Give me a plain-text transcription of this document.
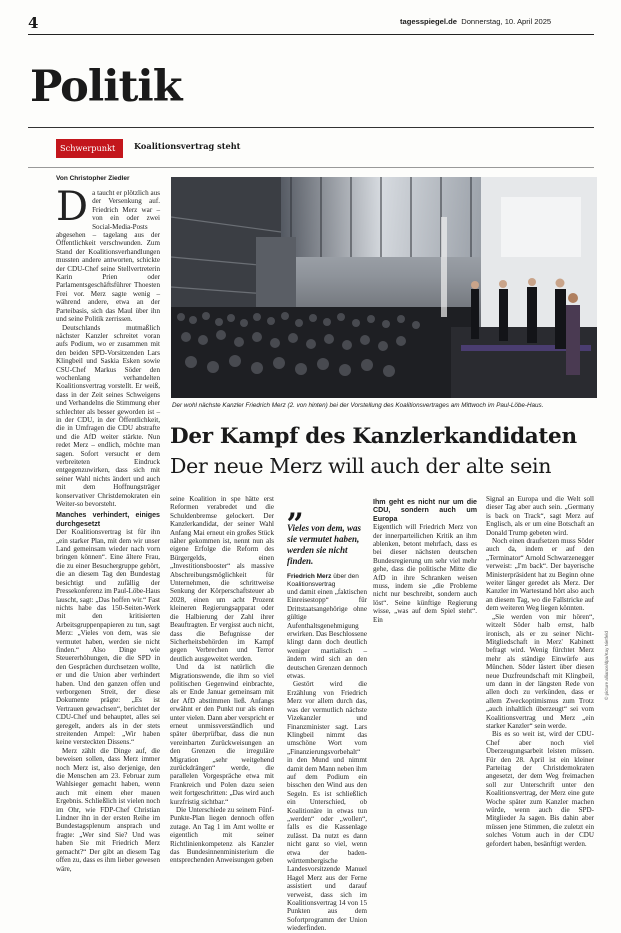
4	tagesspiegel.de Donnerstag, 10. April 2025
Politik
Schwerpunkt	Koalitionsvertrag steht
Von Christopher Ziedler

Da taucht er plötzlich aus der Versenkung auf. Friedrich Merz war – von ein oder zwei Social-Media-Posts abgesehen – tagelang aus der Öffentlichkeit verschwunden. Zum Stand der Koalitionsverhandlungen mussten andere antworten, schickte der CDU-Chef seine Stellvertreterin Karin Prien oder Parlamentsgeschäftsführer Thoesten Frei vor. Merz sagte wenig – während andere, etwa an der Parteibasis, sich das Maul über ihn und seine Politik zerrissen.

Deutschlands mutmaßlich nächster Kanzler schreitet voran aufs Podium, wo er zusammen mit den beiden SPD-Vorsitzenden Lars Klingbeil und Saskia Esken sowie CSU-Chef Markus Söder den wochenlang verhandelten Koalitionsvertrag vorstellt. Er weiß, dass in der Zeit seines Schweigens und Verhandelns die Stimmung eher schlechter als besser geworden ist – in der CDU, in der Öffentlichkeit, die in Umfragen die CDU abstrafte und die AfD weiter stärkte. Nun redet Merz – endlich, möchte man sagen. Sofort versucht er dem verbreiteten Eindruck entgegenzuwirken, dass sich mit seiner Wahl nichts ändert und auch mit dem Hoffnungsträger konservativer Christdemokraten ein Weiter-so bevorsteht.

Manches verhindert, einiges durchgesetzt

Der Koalitionsvertrag ist für ihn „ein starker Plan, mit dem wir unser Land gemeinsam wieder nach vorn bringen können“. Eine ältere Frau, die zu einer Besuchergruppe gehört, die an diesem Tag den Bundestag besichtigt und zufällig der Pressekonferenz im Paul-Löbe-Haus lauscht, sagt: „Das hoffen wir.“ Fast nichts habe das 150-Seiten-Werk mit den kritisierten Arbeitsgruppenpapieren zu tun, sagt Merz: „Vieles von dem, was sie vermutet haben, werden sie nicht finden.“ Also Dinge wie Steuererhöhungen, die die SPD in den Gesprächen durchsetzen wollte, er und die Union aber verhindert haben. Und den ganzen offen und verborgenen Streit, der diese Dokumente prägte: „Es ist Vertrauen gewachsen“, berichtet der CDU-Chef und behauptet, alles sei geregelt, anders als in der stets streitenden Ampel: „Wir haben keine versteckten Dissens.“

Merz zählt die Dinge auf, die beweisen sollen, dass Merz immer noch Merz ist, also derjenige, den die Menschen am 23. Februar zum Wahlsieger gemacht haben, wenn auch mit einem eher mauen Ergebnis. Schließlich ist vielen noch im Ohr, wie FDP-Chef Christian Lindner ihn in der ersten Reihe im Bundestagsplenum ansprach und fragte: „Wer sind Sie? Und was haben Sie mit Friedrich Merz gemacht?“ Der gibt an diesem Tag offen zu, dass es ihm lieber gewesen wäre,

Der wohl nächste Kanzler Friedrich Merz (2. von hinten) bei der Vorstellung des Koalitionsvertrages am Mittwoch im Paul-Löbe-Haus.
Der Kampf des Kanzlerkandidaten
Der neue Merz will auch der alte sein

seine Koalition in spe hätte erst Reformen verabredet und die Schuldenbremse gelockert. Der Kanzlerkandidat, der seiner Wahl Anfang Mai erneut ein großes Stück näher gekommen ist, nennt nun als eigene Erfolge die Reform des Bürgergelds, einen „Investitionsbooster“ als massive Abschreibungsmöglichkeit für Unternehmen, die schrittweise Senkung der Körperschaftsteuer ab 2028, einen um acht Prozent kleineren Regierungsapparat oder die Halbierung der Zahl ihrer Beauftragten. Er vergisst auch nicht, dass die Befugnisse der Sicherheitsbehörden im Kampf gegen Verbrechen und Terror deutlich ausgeweitet werden.

Und da ist natürlich die Migrationswende, die ihm so viel politischen Gegenwind einbrachte, als er Ende Januar gemeinsam mit der AfD abstimmen ließ. Anfangs erwähnt er den Punkt nur als einen unter vielen. Dann aber verspricht er erneut unmissverständlich und später überprüfbar, dass die nun vereinbarten Zurückweisungen an den Grenzen die irreguläre Migration „sehr weitgehend zurückdrängen“ werde, die parallelen Vorgespräche etwa mit Frankreich und Polen dazu seien weit fortgeschritten: „Das wird auch kurzfristig sichtbar.“

Die Unterschiede zu seinem Fünf-Punkte-Plan liegen dennoch offen zutage. An Tag 1 im Amt wollte er eigentlich mit seiner Richtlinienkompetenz als Kanzler das Bundesinnenministerium die entsprechenden Anweisungen geben

„
Vieles von dem, was sie vermutet haben, werden sie nicht finden.
Friedrich Merz über den Koalitionsvertrag

und damit einen „faktischen Einreisestopp“ für Drittstaatsangehörige ohne gültige Aufenthaltsgenehmigung erwirken. Das Beschlossene klingt dann doch deutlich weniger martialisch – ändern wird sich an den deutschen Grenzen dennoch etwas.

Gestört wird die Erzählung von Friedrich Merz vor allem durch das, was der vermutlich nächste Vizekanzler und Finanzminister sagt. Lars Klingbeil nimmt das umschöne Wort vom „Finanzierungsvorbehalt“ in den Mund und nimmt damit dem Mann neben ihm auf dem Podium ein bisschen den Wind aus den Segeln. Es ist schließlich ein Unterschied, ob Koalitionäre in etwas tun „werden“ oder „wollen“, falls es die Kassenlage zulässt. Da nutzt es dann nicht ganz so viel, wenn etwa der baden-württembergische Landesvorsitzende Manuel Hagel Merz aus der Ferne assistiert und darauf verweist, dass sich im Koalitionsvertrag 14 von 15 Punkten aus dem Sofortprogramm der Union wiederfinden.

Ihm geht es nicht nur um die CDU, sondern auch um Europa

Eigentlich will Friedrich Merz von der innerparteilichen Kritik an ihm ablenken, betont mehrfach, dass es bei dieser nächsten deutschen Bundesregierung um sehr viel mehr gehe, dass die politische Mitte die AfD in ihre Schranken weisen muss, indem sie „die Probleme nicht nur beschreibt, sondern auch löst“. Seine künftige Regierung wisse, „was auf dem Spiel steht“. Ein

Signal an Europa und die Welt soll dieser Tag aber auch sein. „Germany is back on Track“, sagt Merz auf Englisch, als er um eine Botschaft an Donald Trump gebeten wird.

Noch einen draufsetzen muss Söder auch da, indem er auf den „Terminator“ Arnold Schwarzenegger verweist: „I'm back“. Der bayerische Ministerpräsident hat zu Beginn ohne weiter länger geredet als Merz. Der Kanzler im Wartestand hört also auch an diesem Tag, wo die Fallstricke auf dem weiteren Weg liegen könnten.

„Sie werden von mir hören“, witzelt Söder halb ernst, halb ironisch, als er zu seiner Nicht-Mitgliedschaft in Merz' Kabinett befragt wird. Wenig fürchtet Merz mehr als ständige Einwürfe aus München. Söder lästert über diesen neue Duzfreundschaft mit Klingbeil, um dann in der längsten Rede von allen doch zu verkünden, dass er allem Zweckoptimismus zum Trotz „auch inhaltlich überzeugt“ sei vom Koalitionsvertrag und Merz „ein starker Kanzler“ sein werde.

Bis es so weit ist, wird der CDU-Chef aber noch viel Überzeugungsarbeit leisten müssen. Für den 28. April ist ein kleiner Parteitag der Christdemokraten angesetzt, der dem Weg freimachen soll zur Unterschrift unter den Koalitionsvertrag, der Merz eine gute Woche später zum Kanzler machen würde, wenn auch die SPD-Mitglieder Ja sagen. Bis dahin aber müssen jene Stimmen, die zuletzt ein solches Votum auch in der CDU gefordert haben, besänftigt werden.

© picture alliance/dpa/Kay Nietfeld
